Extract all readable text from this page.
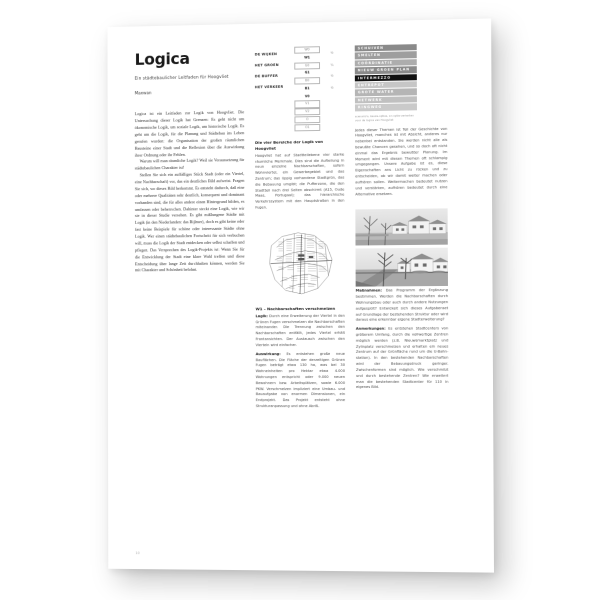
Logica
Ein städtebaulicher Leitfaden für Hoogvliet
Maxwan

Logica ist ein Leitfaden zur Logik von Hoogvliet. Die Untersuchung dieser Logik hat Grenzen: Es geht nicht um ökonomische Logik, um soziale Logik, um historische Logik. Es geht um die Logik, für die Planung und Städtebau ins Leben gerufen wurden: die Organisation der großen räumlichen Bausteine einer Stadt und die Reflexion über die Auswirkung ihrer Ordnung oder ihr Fehlen.

Warum will man räumliche Logik? Weil sie Voraussetzung für städtebaulichen Charakter ist!

Stellen Sie sich ein auffälliges Stück Stadt (oder ein Viertel, eine Nachbarschaft) vor, das ein deutliches Bild aufweist. Fragen Sie sich, wo dieses Bild herkommt. Es entsteht dadurch, daß eine oder mehrere Qualitäten sehr deutlich, konsequent und dominant vorhanden sind, die für alles andere einen Hintergrund bilden, es umfassen oder beherrschen. Dahinter steckt eine Logik, wie wir sie in dieser Studie versehen. Es gibt mißlungene Städte mit Logik (in den Niederlanden: das Bijlmer), doch es gibt keine oder fast keine Beispiele für schöne oder interessante Städte ohne Logik. Wer einen städtebaulichen Fortschritt für sich verbuchen will, muss die Logik der Stadt entdecken oder selbst schaffen und pflegen. Das Versprechen des Logik-Projekts ist: Wenn Sie für die Entwicklung der Stadt eine klare Wahl treffen und diese Entscheidung über lange Zeit durchhalten können, werden Sie mit Charakter und Schönheit belohnt.

DE WIJKEN
HET GROEN
DE BUFFER
HET VERKEER
W0
W1
G0
G1
B0
B1
V0
V1
V2
O
O1
½
¼
½
½
Die vier Bereiche der Logik von Hoogvliet
Hoogvliet hat auf Stadtteilebene vier starke räumliche Merkmale. Dies sind die Aufteilung in neun einzelne Nachbarschaften, sofern Wohnviertel, ein Gewerbegebiet und das Zentrum; das üppig vorhandene Stadtgrün, das die Bebauung umgibt; die Pufferzone, die den Stadtteil nach drei Seiten abschirmt (A15, Oude Maas, Portugaal); das hierarchische Verkehrssystem mit den Hauptstraßen in den Fugen.
W1 – Nachbarschaften verschmelzen

Logik: Durch eine Erweiterung der Viertel in den Grünen Fugen verschmelzen die Nachbarschaften miteinander. Die Trennung zwischen den Nachbarschaften entfällt, jedes Viertel erhält Frontansichten. Der Austausch zwischen den Vierteln wird einfacher.

Auswirkung: Es entstehen große neue Bauflächen. Die Fläche der derzeitigen Grünen Fugen beträgt etwa 130 ha, was bei 30 Wohneinheiten pro Hektar etwa 4.000 Wohnungen entspricht oder 9.000 neuen Bewohnern bzw. Arbeitsplätzen, sowie 6.000 PKW. Verschmelzen impliziert eine Umbau- und Bauaufgabe von enormen Dimensionen, ein Endprojekt. Das Projekt entsteht ohne Strukturanpassung und ohne Abriß.

SCHUIVEN
SMELTEN
COÖRDINATIE
NIEUW GROEN PLAN
INTERMEZZO
ENTREPOT
GROTE WATER
NETWERK
RINGWEG
scenario's, keuze-opties, en optie-varianten voor de logica van Hoogvliet
Jedes dieser Themen ist Teil der Geschichte von Hoogvliet, manches ist mit Absicht, anderes nur nebenbei entstanden. Sie werden nicht alle als bewußte Chancen gesehen, und so doch oft nicht einmal das Ergebnis bewußter Planung. Im Moment wird mit diesen Themen oft schlampig umgegangen. Unsere Aufgabe ist es, diese Eigenschaften ans Licht zu rücken und zu entscheiden, ob wir damit weiter machen oder aufhören sollen. Weitermachen bedeutet nutzen und verstärken, aufhören bedeutet durch eine Alternative ersetzen.

Maßnahmen: Das Programm der Ergänzung bestimmen. Werden die Nachbarschaften durch Wohnungsbau oder auch durch andere Nutzungen aufgespült? Entwickelt sich dieses Aufgabenset auf Grundlage der bestehenden Struktur oder wird daraus eine erkennbar eigene Stadterweiterung?

Anmerkungen: Es entstehen Stadtcenters von größerem Umfang, durch die vollwertige Zentren möglich werden (z.B. Nieuwsmarktplatz und Zylinplatz verschmelzen und erhalten ein neues Zentrum auf der Grünfläche rund um die U-Bahn-station). In den bestehenden Nachbarschaften wird der Bebauungsdruck geringer. Zwischenformen sind möglich. Wie verschmilzt und durch bestehende Zentren? Wie erweitert man die bestehenden Stadtcenter für 110 in eigenes Bild.

10
